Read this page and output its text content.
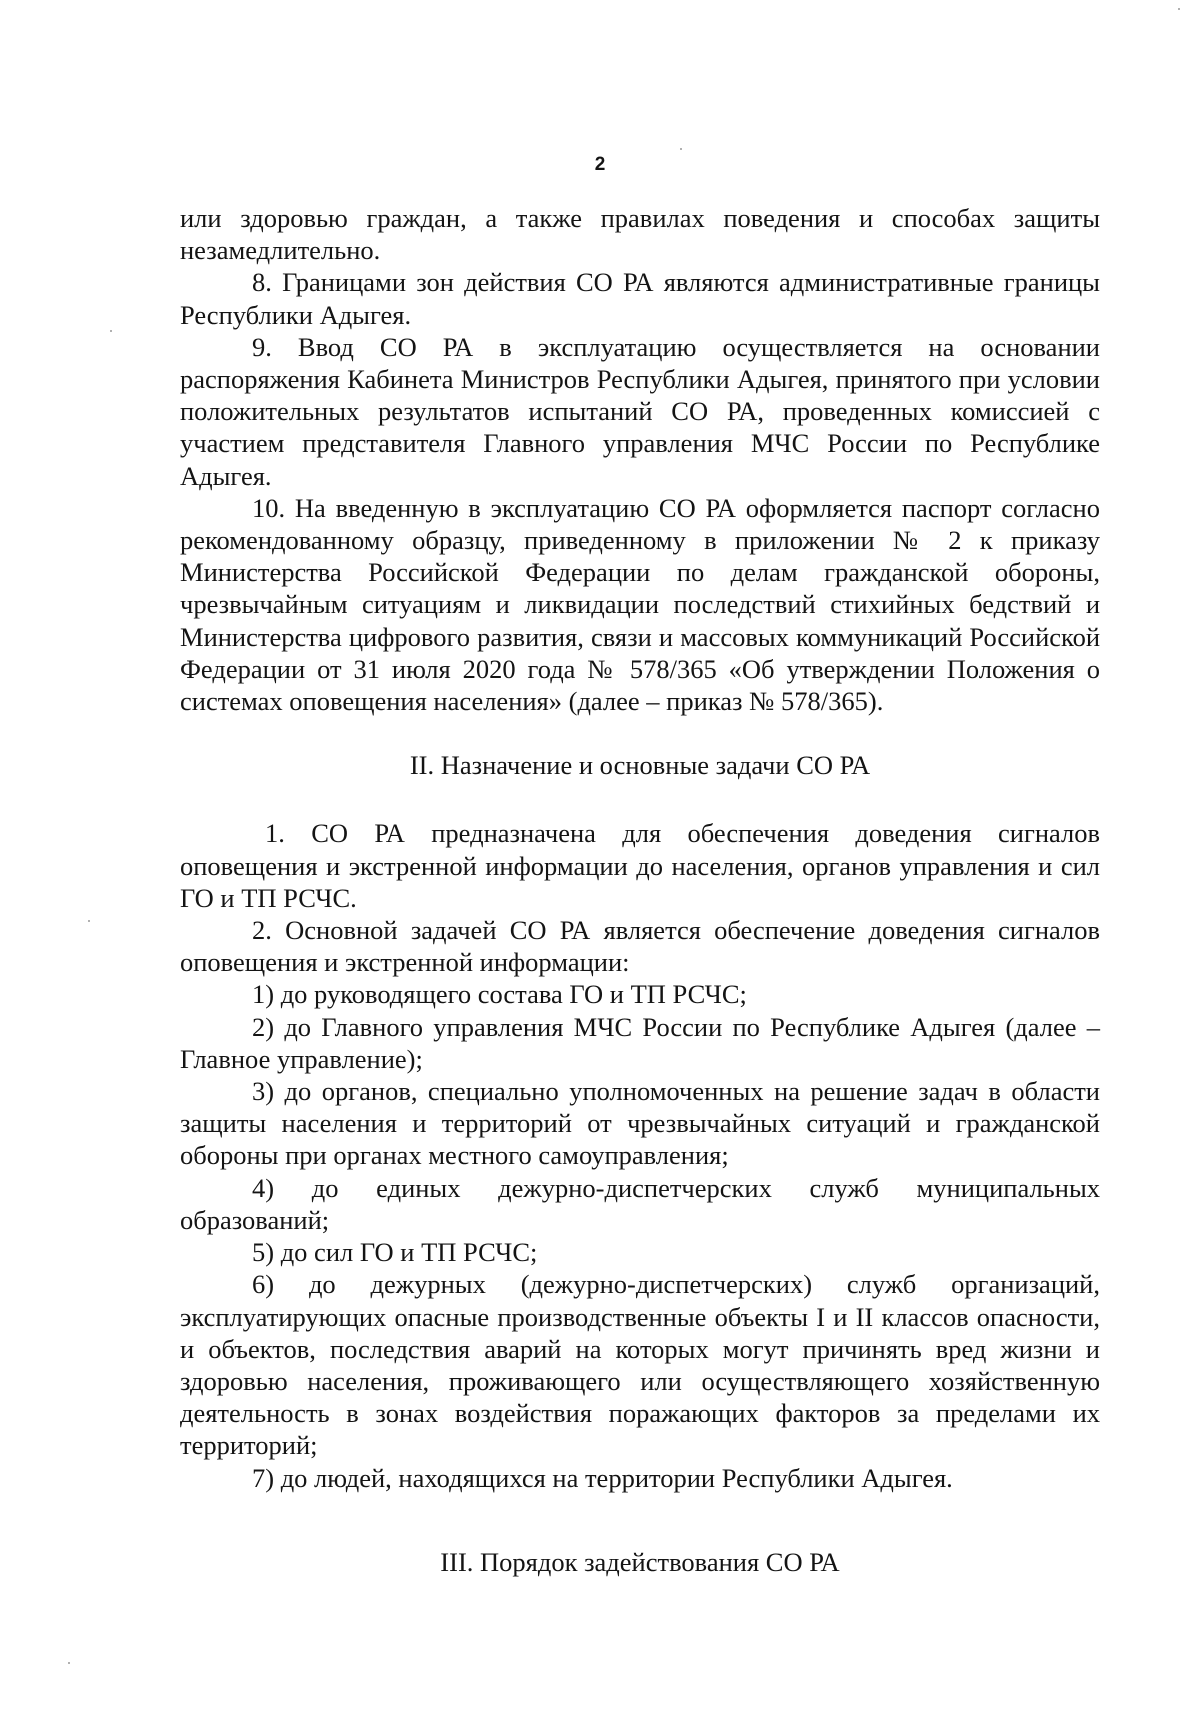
2

или здоровью граждан, а также правилах поведения и способах защиты незамедлительно.

8. Границами зон действия СО РА являются административные границы Республики Адыгея.

9. Ввод СО РА в эксплуатацию осуществляется на основании распоряжения Кабинета Министров Республики Адыгея, принятого при условии положительных результатов испытаний СО РА, проведенных комиссией с участием представителя Главного управления МЧС России по Республике Адыгея.

10. На введенную в эксплуатацию СО РА оформляется паспорт согласно рекомендованному образцу, приведенному в приложении № 2 к приказу Министерства Российской Федерации по делам гражданской обороны, чрезвычайным ситуациям и ликвидации последствий стихийных бедствий и Министерства цифрового развития, связи и массовых коммуникаций Российской Федерации от 31 июля 2020 года № 578/365 «Об утверждении Положения о системах оповещения населения» (далее – приказ № 578/365).

II. Назначение и основные задачи СО РА

1. СО РА предназначена для обеспечения доведения сигналов оповещения и экстренной информации до населения, органов управления и сил ГО и ТП РСЧС.

2. Основной задачей СО РА является обеспечение доведения сигналов оповещения и экстренной информации:

1) до руководящего состава ГО и ТП РСЧС;

2) до Главного управления МЧС России по Республике Адыгея (далее – Главное управление);

3) до органов, специально уполномоченных на решение задач в области защиты населения и территорий от чрезвычайных ситуаций и гражданской обороны при органах местного самоуправления;

4) до единых дежурно-диспетчерских служб муниципальных образований;

5) до сил ГО и ТП РСЧС;

6) до дежурных (дежурно-диспетчерских) служб организаций, эксплуатирующих опасные производственные объекты I и II классов опасности, и объектов, последствия аварий на которых могут причинять вред жизни и здоровью населения, проживающего или осуществляющего хозяйственную деятельность в зонах воздействия поражающих факторов за пределами их территорий;

7) до людей, находящихся на территории Республики Адыгея.

III. Порядок задействования СО РА
